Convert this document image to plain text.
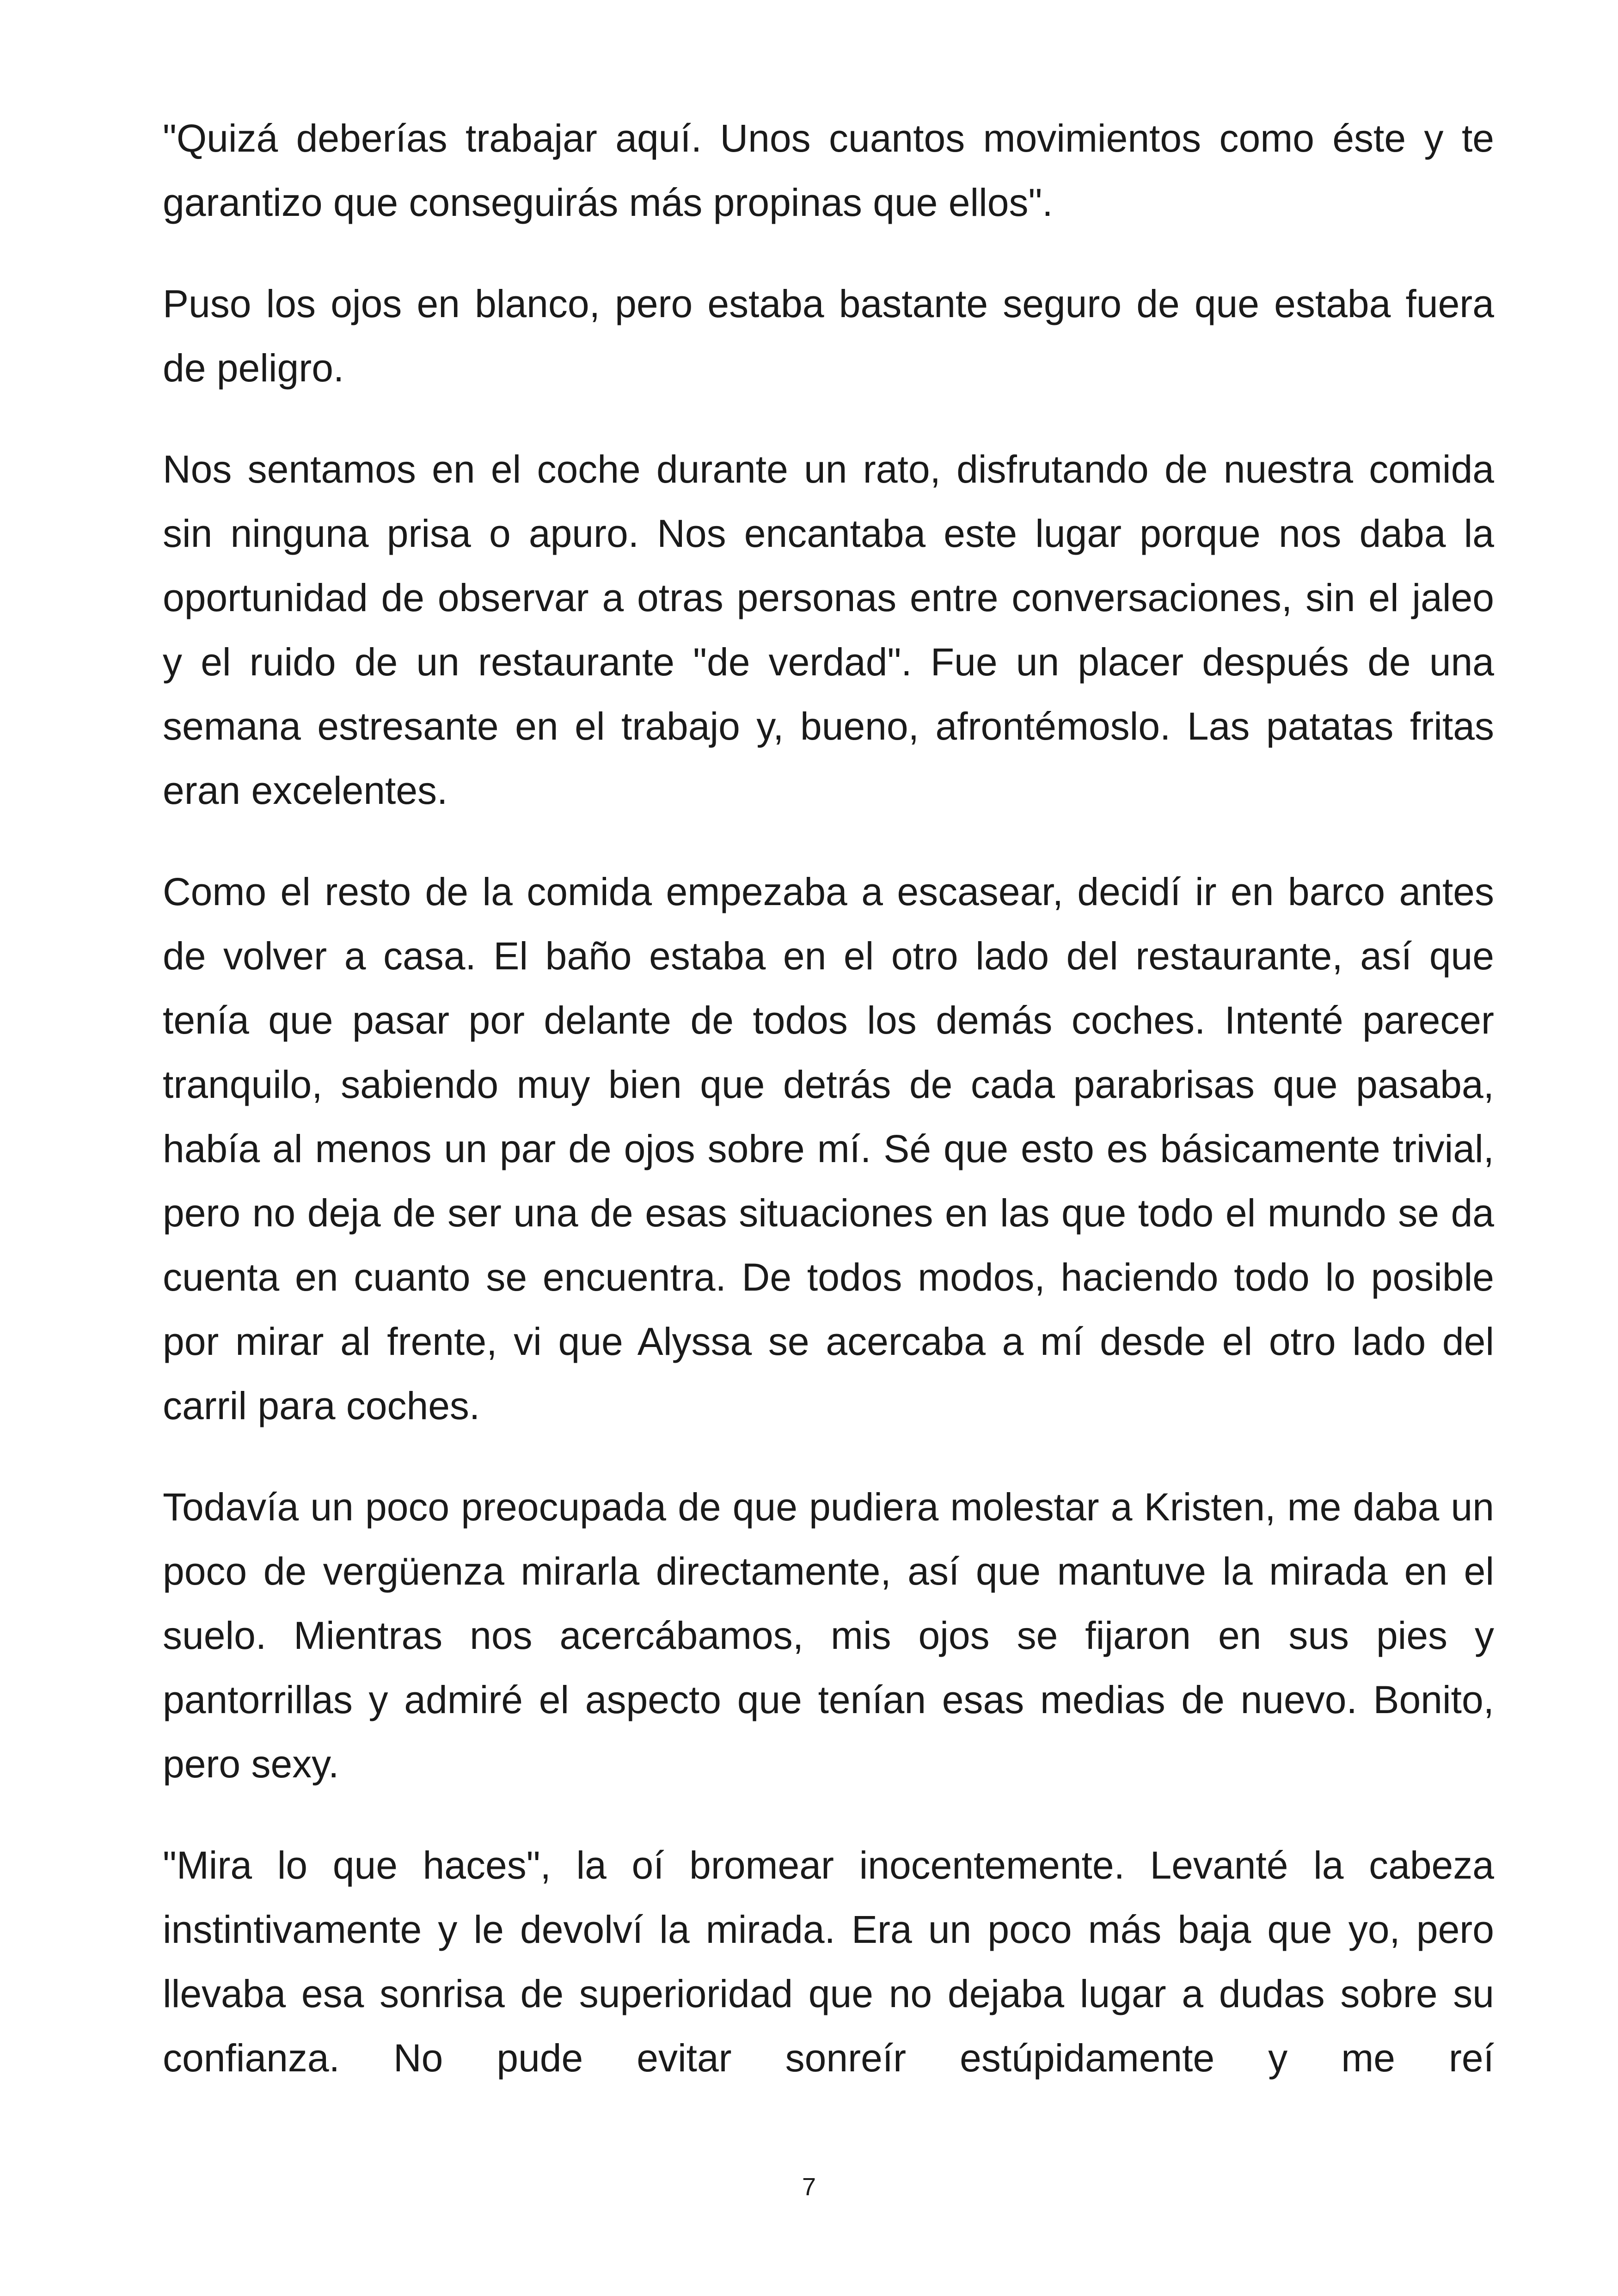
"Quizá deberías trabajar aquí. Unos cuantos movimientos como éste y te garantizo que conseguirás más propinas que ellos".

Puso los ojos en blanco, pero estaba bastante seguro de que estaba fuera de peligro.

Nos sentamos en el coche durante un rato, disfrutando de nuestra comida sin ninguna prisa o apuro. Nos encantaba este lugar porque nos daba la oportunidad de observar a otras personas entre conversaciones, sin el jaleo y el ruido de un restaurante "de verdad". Fue un placer después de una semana estresante en el trabajo y, bueno, afrontémoslo. Las patatas fritas eran excelentes.

Como el resto de la comida empezaba a escasear, decidí ir en barco antes de volver a casa. El baño estaba en el otro lado del restaurante, así que tenía que pasar por delante de todos los demás coches. Intenté parecer tranquilo, sabiendo muy bien que detrás de cada parabrisas que pasaba, había al menos un par de ojos sobre mí. Sé que esto es básicamente trivial, pero no deja de ser una de esas situaciones en las que todo el mundo se da cuenta en cuanto se encuentra. De todos modos, haciendo todo lo posible por mirar al frente, vi que Alyssa se acercaba a mí desde el otro lado del carril para coches.

Todavía un poco preocupada de que pudiera molestar a Kristen, me daba un poco de vergüenza mirarla directamente, así que mantuve la mirada en el suelo. Mientras nos acercábamos, mis ojos se fijaron en sus pies y pantorrillas y admiré el aspecto que tenían esas medias de nuevo. Bonito, pero sexy.

"Mira lo que haces", la oí bromear inocentemente. Levanté la cabeza instintivamente y le devolví la mirada. Era un poco más baja que yo, pero llevaba esa sonrisa de superioridad que no dejaba lugar a dudas sobre su confianza. No pude evitar sonreír estúpidamente y me reí

7
